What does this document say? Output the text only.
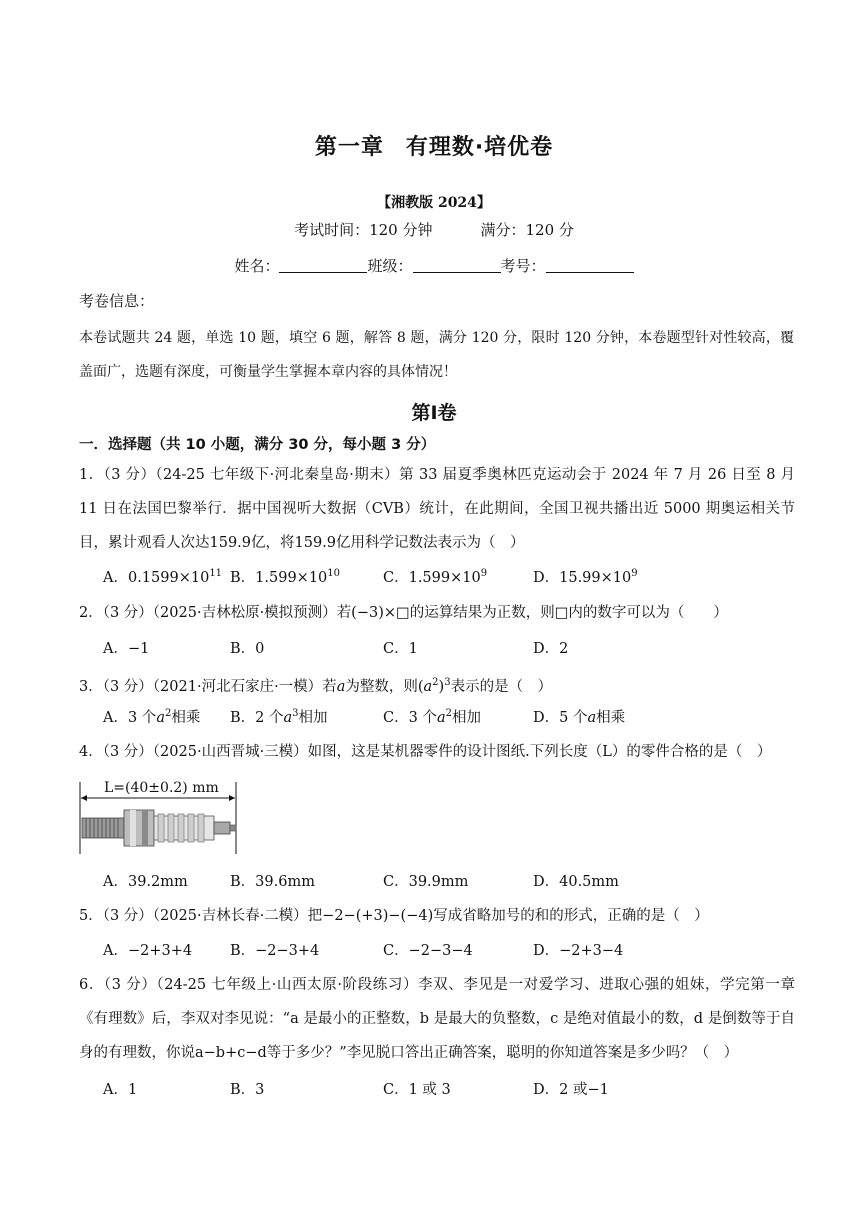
第一章 有理数·培优卷
【湘教版 2024】
考试时间：120 分钟	满分：120 分
姓名：	班级：	考号：
考卷信息：
本卷试题共 24 题，单选 10 题，填空 6 题，解答 8 题，满分 120 分，限时 120 分钟，本卷题型针对性较高，覆盖面广，选题有深度，可衡量学生掌握本章内容的具体情况！
第Ⅰ卷
一．选择题（共 10 小题，满分 30 分，每小题 3 分）
1．（3 分）（24-25 七年级下·河北秦皇岛·期末）第 33 届夏季奥林匹克运动会于 2024 年 7 月 26 日至 8 月 11 日在法国巴黎举行．据中国视听大数据（CVB）统计，在此期间，全国卫视共播出近 5000 期奥运相关节目，累计观看人次达159.9亿，将159.9亿用科学记数法表示为（　）
A．$0.1599\times 10^{11}$ B．$1.599\times 10^{10}$	C．$1.599\times 10^9$	D．$15.99\times 10^9$
2．（3 分）（2025·吉林松原·模拟预测）若(−3)×□的运算结果为正数，则□内的数字可以为（　　）
A．−1	B．0	C．1	D．2
3．（3 分）（2021·河北石家庄·一模）若a为整数，则$(a^2)^3$表示的是（　）
A．3 个$a^2$相乘 B．2 个$a^3$相加	C．3 个$a^2$相加	D．5 个a相乘
4．（3 分）（2025·山西晋城·三模）如图，这是某机器零件的设计图纸.下列长度（L）的零件合格的是（　）
L=(40±0.2) mm
A．39.2mm	B．39.6mm	C．39.9mm	D．40.5mm
5．（3 分）（2025·吉林长春·二模）把−2−(+3)−(−4)写成省略加号的和的形式，正确的是（　）
A．−2+3+4	B．−2−3+4	C．−2−3−4	D．−2+3−4
6．（3 分）（24-25 七年级上·山西太原·阶段练习）李双、李见是一对爱学习、进取心强的姐妹，学完第一章《有理数》后，李双对李见说：“a 是最小的正整数，b 是最大的负整数，c 是绝对值最小的数，d 是倒数等于自身的有理数，你说a−b+c−d等于多少？”李见脱口答出正确答案，聪明的你知道答案是多少吗？（　）
A．1	B．3	C．1 或 3	D．2 或−1
